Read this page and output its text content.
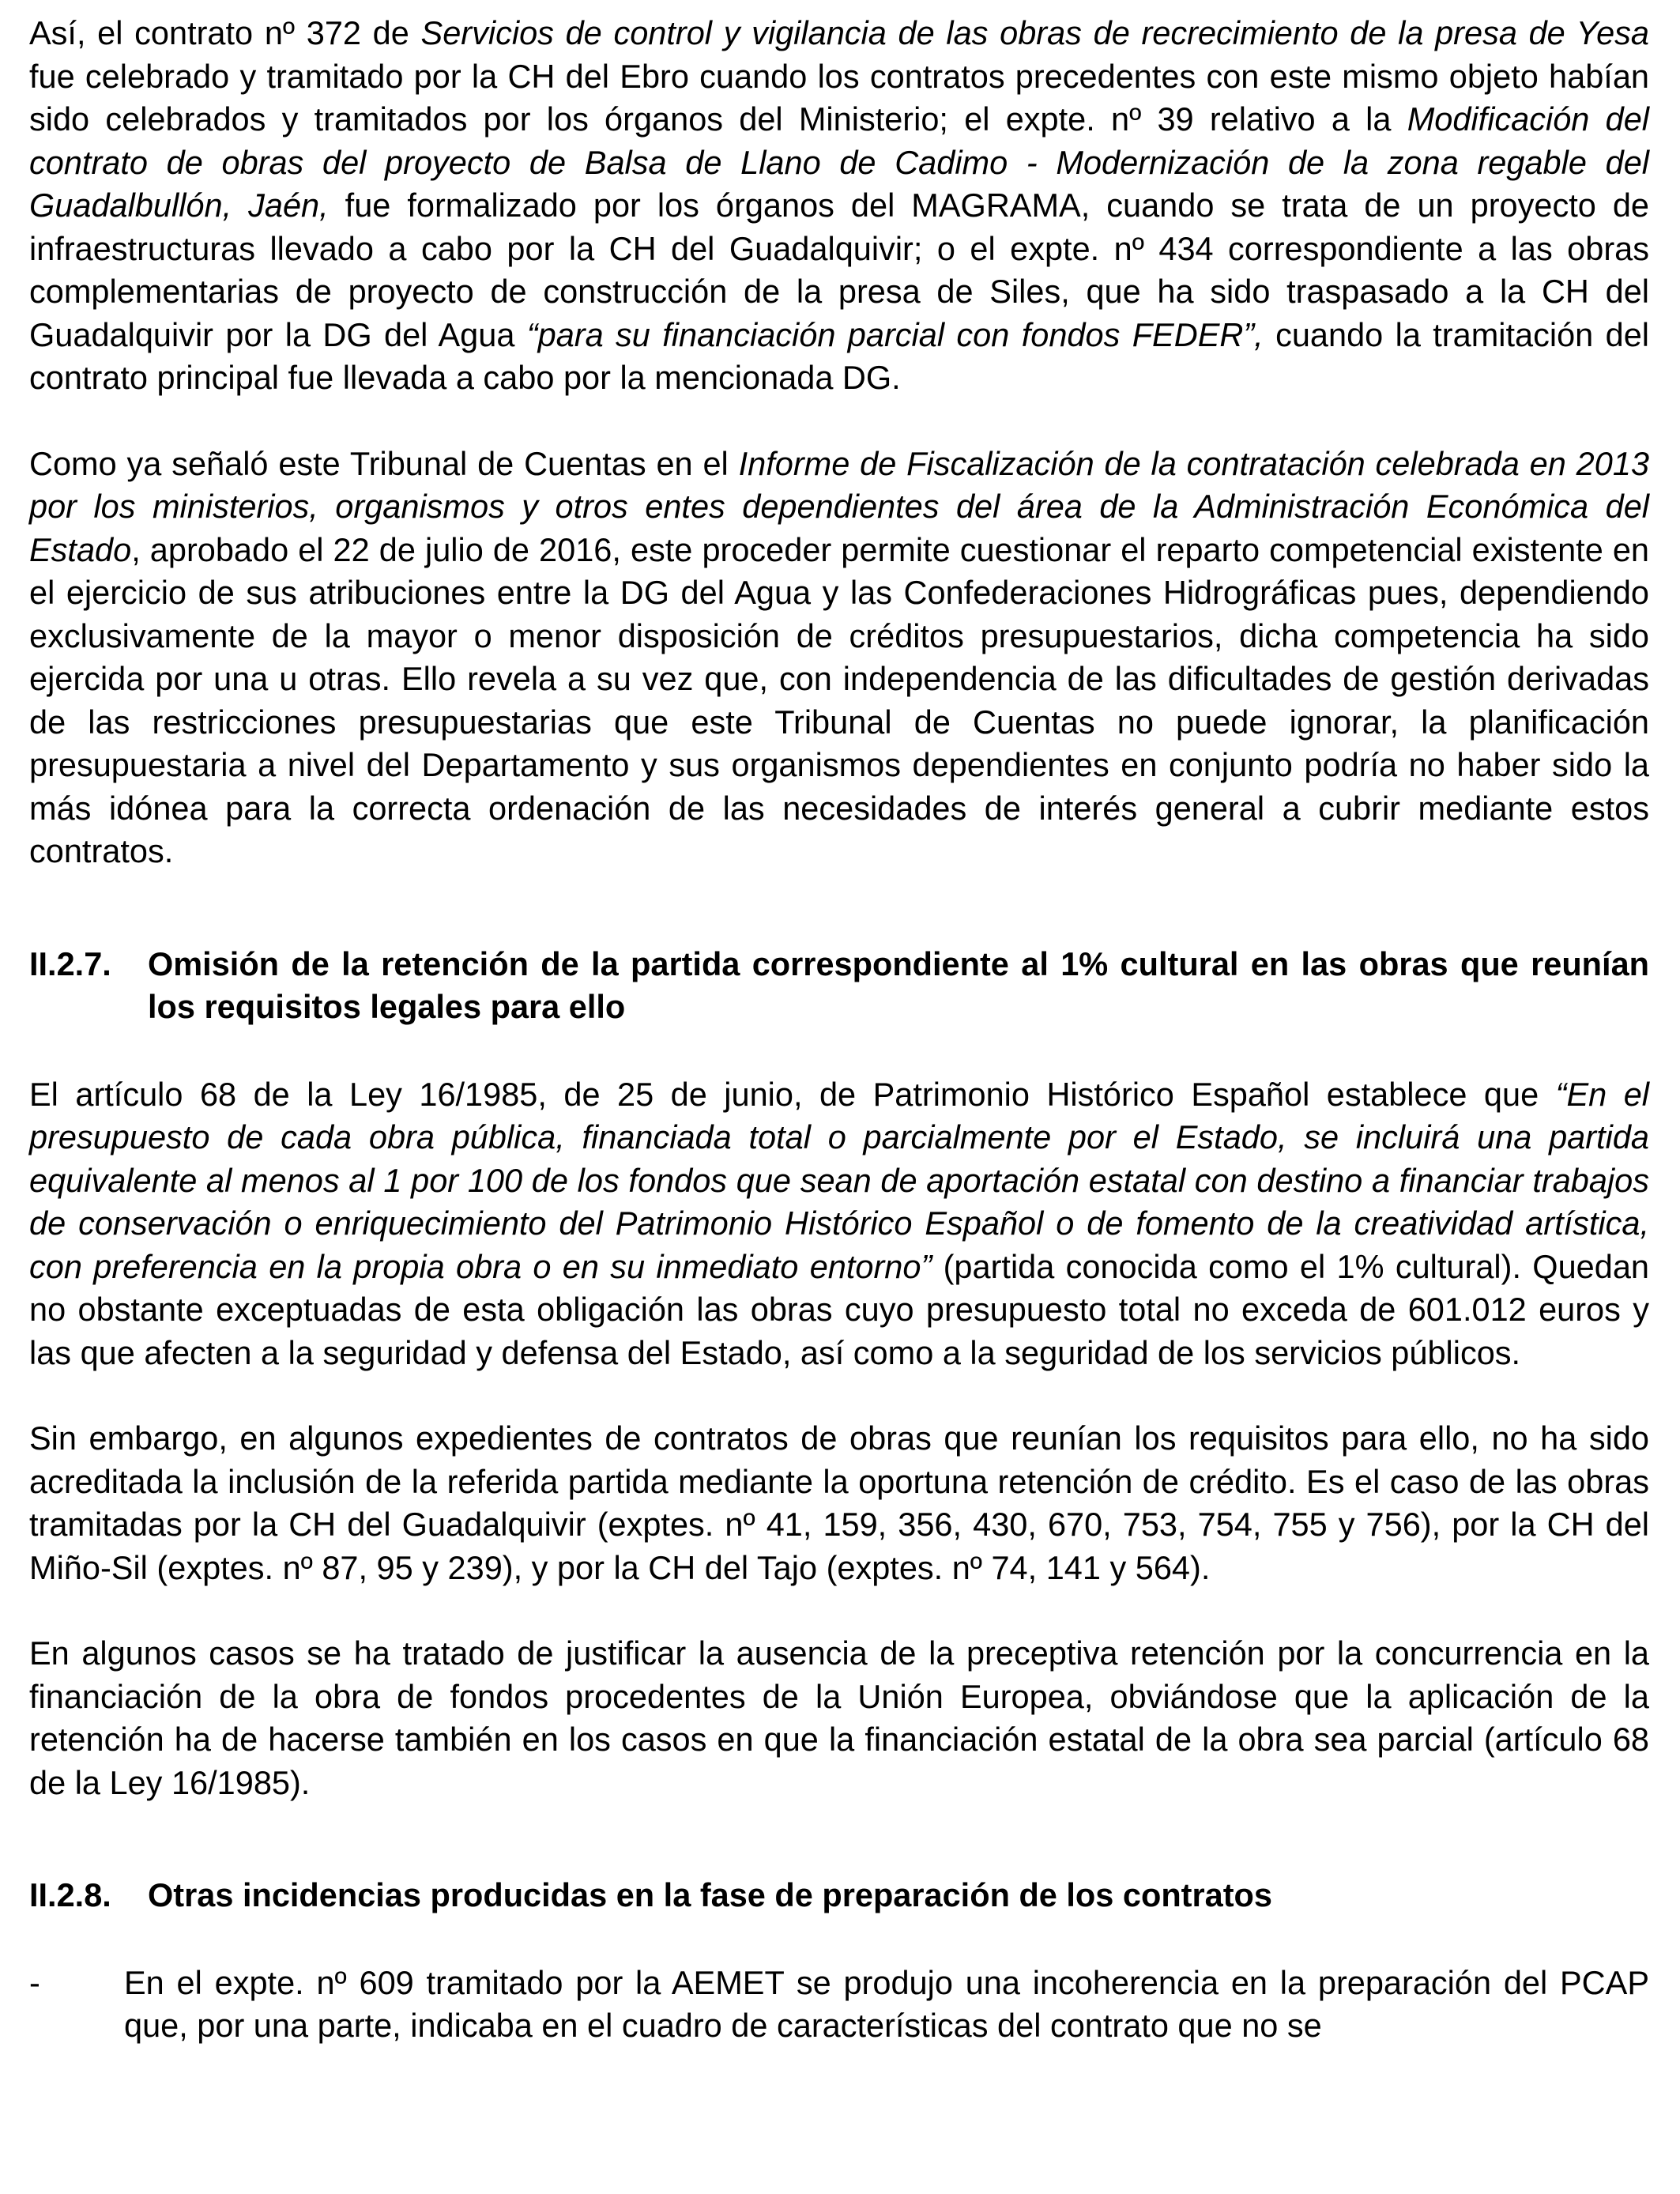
Así, el contrato nº 372 de Servicios de control y vigilancia de las obras de recrecimiento de la presa de Yesa fue celebrado y tramitado por la CH del Ebro cuando los contratos precedentes con este mismo objeto habían sido celebrados y tramitados por los órganos del Ministerio; el expte. nº 39 relativo a la Modificación del contrato de obras del proyecto de Balsa de Llano de Cadimo - Modernización de la zona regable del Guadalbullón, Jaén, fue formalizado por los órganos del MAGRAMA, cuando se trata de un proyecto de infraestructuras llevado a cabo por la CH del Guadalquivir; o el expte. nº 434 correspondiente a las obras complementarias de proyecto de construcción de la presa de Siles, que ha sido traspasado a la CH del Guadalquivir por la DG del Agua “para su financiación parcial con fondos FEDER”, cuando la tramitación del contrato principal fue llevada a cabo por la mencionada DG.

Como ya señaló este Tribunal de Cuentas en el Informe de Fiscalización de la contratación celebrada en 2013 por los ministerios, organismos y otros entes dependientes del área de la Administración Económica del Estado, aprobado el 22 de julio de 2016, este proceder permite cuestionar el reparto competencial existente en el ejercicio de sus atribuciones entre la DG del Agua y las Confederaciones Hidrográficas pues, dependiendo exclusivamente de la mayor o menor disposición de créditos presupuestarios, dicha competencia ha sido ejercida por una u otras. Ello revela a su vez que, con independencia de las dificultades de gestión derivadas de las restricciones presupuestarias que este Tribunal de Cuentas no puede ignorar, la planificación presupuestaria a nivel del Departamento y sus organismos dependientes en conjunto podría no haber sido la más idónea para la correcta ordenación de las necesidades de interés general a cubrir mediante estos contratos.

II.2.7.	Omisión de la retención de la partida correspondiente al 1% cultural en las obras que reunían los requisitos legales para ello

El artículo 68 de la Ley 16/1985, de 25 de junio, de Patrimonio Histórico Español establece que “En el presupuesto de cada obra pública, financiada total o parcialmente por el Estado, se incluirá una partida equivalente al menos al 1 por 100 de los fondos que sean de aportación estatal con destino a financiar trabajos de conservación o enriquecimiento del Patrimonio Histórico Español o de fomento de la creatividad artística, con preferencia en la propia obra o en su inmediato entorno” (partida conocida como el 1% cultural). Quedan no obstante exceptuadas de esta obligación las obras cuyo presupuesto total no exceda de 601.012 euros y las que afecten a la seguridad y defensa del Estado, así como a la seguridad de los servicios públicos.

Sin embargo, en algunos expedientes de contratos de obras que reunían los requisitos para ello, no ha sido acreditada la inclusión de la referida partida mediante la oportuna retención de crédito. Es el caso de las obras tramitadas por la CH del Guadalquivir (exptes. nº 41, 159, 356, 430, 670, 753, 754, 755 y 756), por la CH del Miño-Sil (exptes. nº 87, 95 y 239), y por la CH del Tajo (exptes. nº 74, 141 y 564).

En algunos casos se ha tratado de justificar la ausencia de la preceptiva retención por la concurrencia en la financiación de la obra de fondos procedentes de la Unión Europea, obviándose que la aplicación de la retención ha de hacerse también en los casos en que la financiación estatal de la obra sea parcial (artículo 68 de la Ley 16/1985).

II.2.8.	Otras incidencias producidas en la fase de preparación de los contratos
-	En el expte. nº 609 tramitado por la AEMET se produjo una incoherencia en la preparación del PCAP que, por una parte, indicaba en el cuadro de características del contrato que no se
